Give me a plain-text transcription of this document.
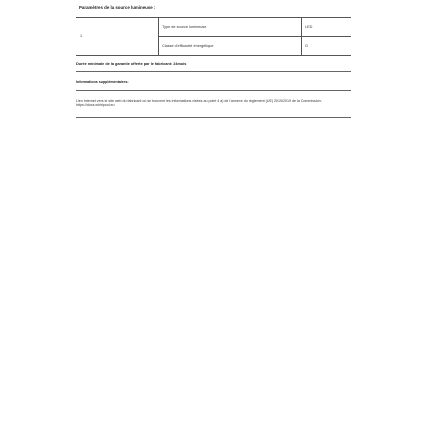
Paramètres de la source lumineuse :
1
Type de source lumineuse	LED
Classe d'efficacité énergétique	G
Durée minimale de la garantie offerte par le fabricant: 24mois
Informations supplémentaires:
Lien internet vers le site web du fabricant où se trouvent les informations visées au point 4 a) de l'annexe du règlement (UE) 2019/2019 de la Commission: https://docs.whirlpool.eu
